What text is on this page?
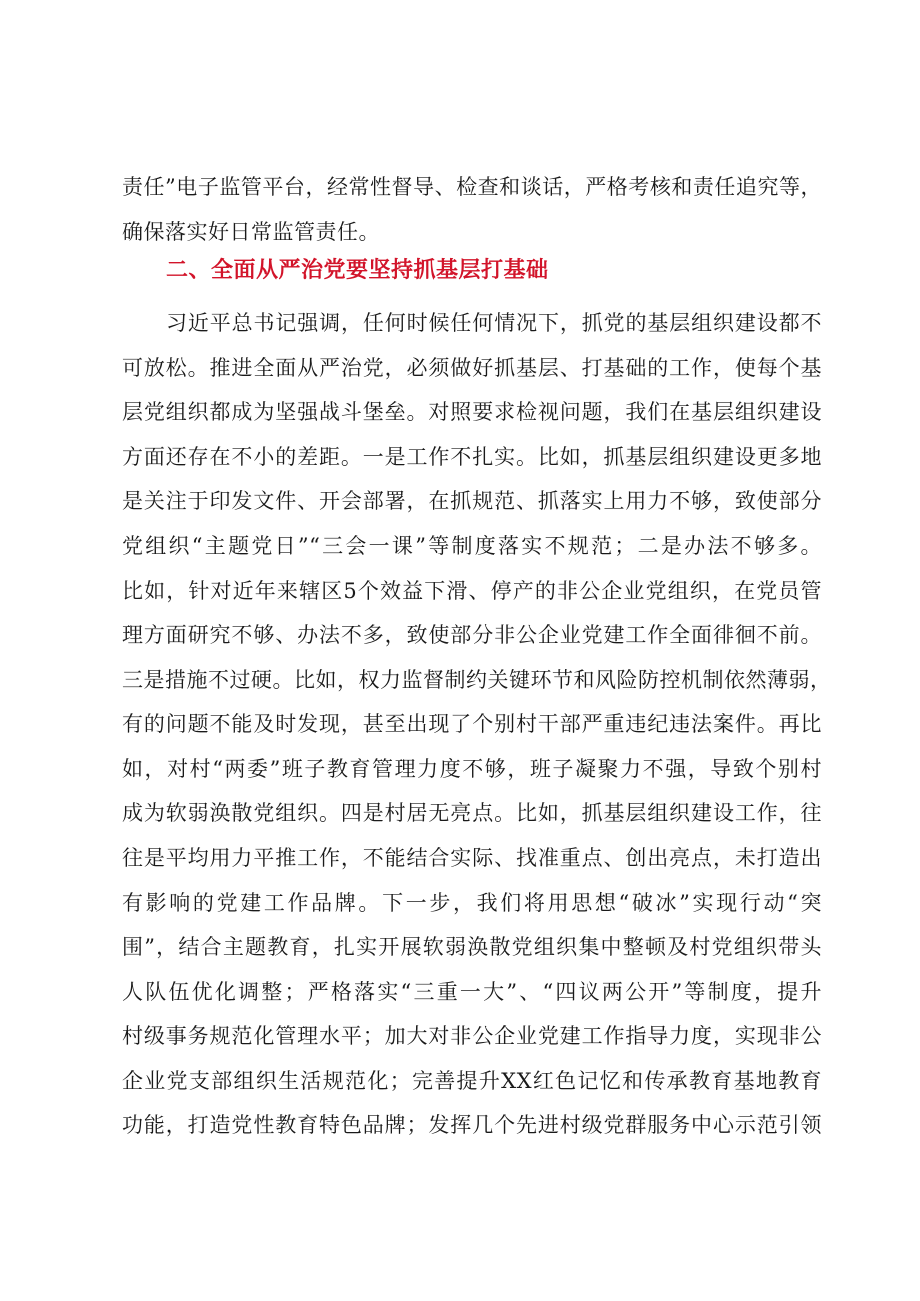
责任”电子监管平台，经常性督导、检查和谈话，严格考核和责任追究等，
确保落实好日常监管责任。
二、全面从严治党要坚持抓基层打基础
习近平总书记强调，任何时候任何情况下，抓党的基层组织建设都不
可放松。推进全面从严治党，必须做好抓基层、打基础的工作，使每个基
层党组织都成为坚强战斗堡垒。对照要求检视问题，我们在基层组织建设
方面还存在不小的差距。一是工作不扎实。比如，抓基层组织建设更多地
是关注于印发文件、开会部署，在抓规范、抓落实上用力不够，致使部分
党组织“主题党日”“三会一课”等制度落实不规范；二是办法不够多。
比如，针对近年来辖区5个效益下滑、停产的非公企业党组织，在党员管
理方面研究不够、办法不多，致使部分非公企业党建工作全面徘徊不前。
三是措施不过硬。比如，权力监督制约关键环节和风险防控机制依然薄弱，
有的问题不能及时发现，甚至出现了个别村干部严重违纪违法案件。再比
如，对村“两委”班子教育管理力度不够，班子凝聚力不强，导致个别村
成为软弱涣散党组织。四是村居无亮点。比如，抓基层组织建设工作，往
往是平均用力平推工作，不能结合实际、找准重点、创出亮点，未打造出
有影响的党建工作品牌。下一步，我们将用思想“破冰”实现行动“突
围”，结合主题教育，扎实开展软弱涣散党组织集中整顿及村党组织带头
人队伍优化调整；严格落实“三重一大”、“四议两公开”等制度，提升
村级事务规范化管理水平；加大对非公企业党建工作指导力度，实现非公
企业党支部组织生活规范化；完善提升XX红色记忆和传承教育基地教育
功能，打造党性教育特色品牌；发挥几个先进村级党群服务中心示范引领
